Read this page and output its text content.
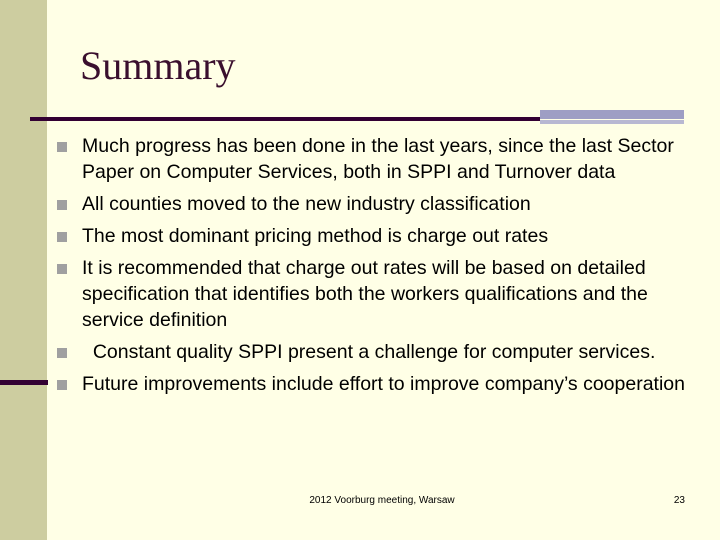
Summary
Much progress has been done in the last years, since the last Sector Paper on Computer Services, both in SPPI and Turnover data
All counties moved to the new industry classification
The most dominant pricing method is charge out rates
It is recommended that charge out rates will be based on detailed specification that identifies both the workers qualifications and the service definition
Constant quality SPPI present a challenge for computer services.
Future improvements include effort to improve company’s cooperation
2012 Voorburg meeting, Warsaw	23
